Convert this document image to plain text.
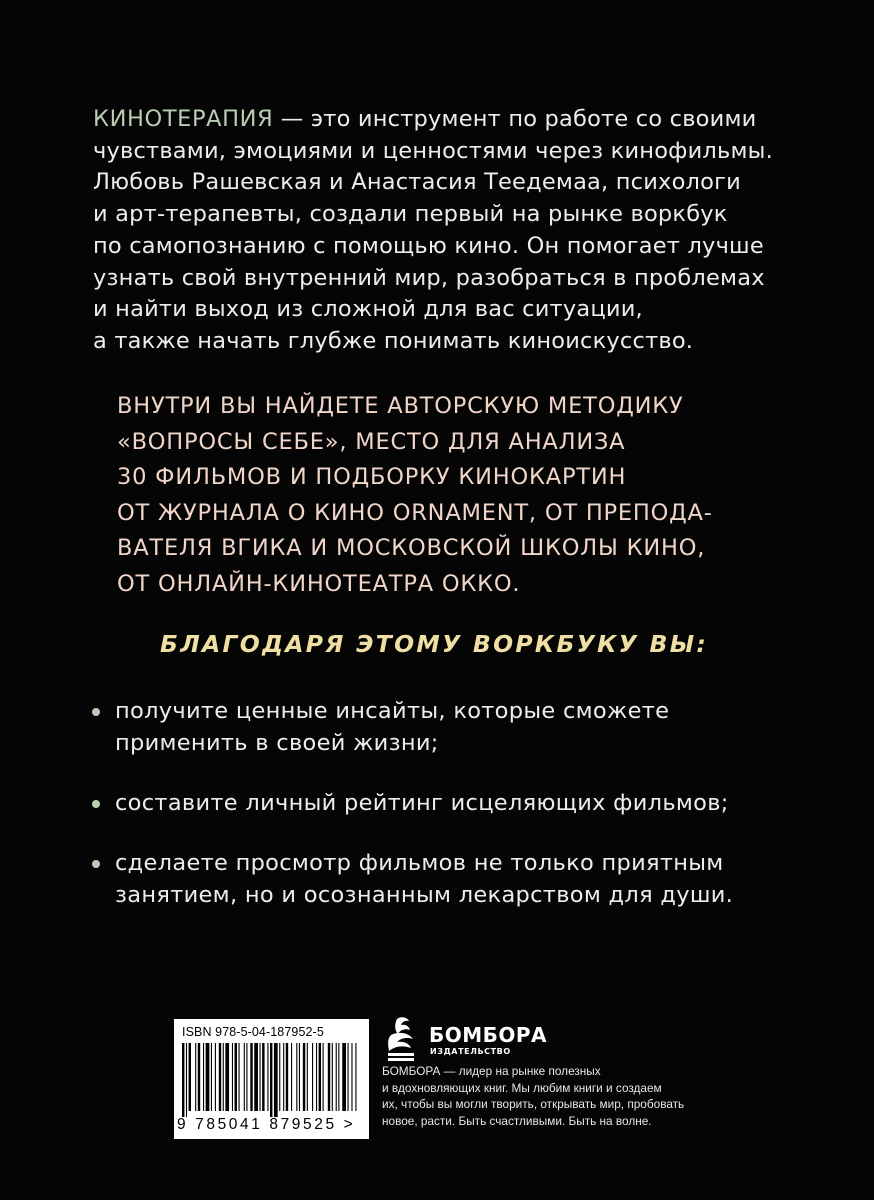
КИНОТЕРАПИЯ — это инструмент по работе со своими

чувствами, эмоциями и ценностями через кинофильмы.

Любовь Рашевская и Анастасия Теедемаа, психологи

и арт-терапевты, создали первый на рынке воркбук

по самопознанию с помощью кино. Он помогает лучше

узнать свой внутренний мир, разобраться в проблемах

и найти выход из сложной для вас ситуации,

а также начать глубже понимать киноискусство.

ВНУТРИ ВЫ НАЙДЕТЕ АВТОРСКУЮ МЕТОДИКУ

«ВОПРОСЫ СЕБЕ», МЕСТО ДЛЯ АНАЛИЗА

30 ФИЛЬМОВ И ПОДБОРКУ КИНОКАРТИН

ОТ ЖУРНАЛА О КИНО ORNAMENT, ОТ ПРЕПОДА-

ВАТЕЛЯ ВГИКА И МОСКОВСКОЙ ШКОЛЫ КИНО,

ОТ ОНЛАЙН-КИНОТЕАТРА ОККО.

БЛАГОДАРЯ ЭТОМУ ВОРКБУКУ ВЫ:

получите ценные инсайты, которые сможете

применить в своей жизни;

составите личный рейтинг исцеляющих фильмов;

сделаете просмотр фильмов не только приятным

занятием, но и осознанным лекарством для души.

ISBN 978-5-04-187952-5
9 785041 879525 >
БОМБОРА
ИЗДАТЕЛЬСТВО

БОМБОРА — лидер на рынке полезных

и вдохновляющих книг. Мы любим книги и создаем

их, чтобы вы могли творить, открывать мир, пробовать

новое, расти. Быть счастливыми. Быть на волне.
